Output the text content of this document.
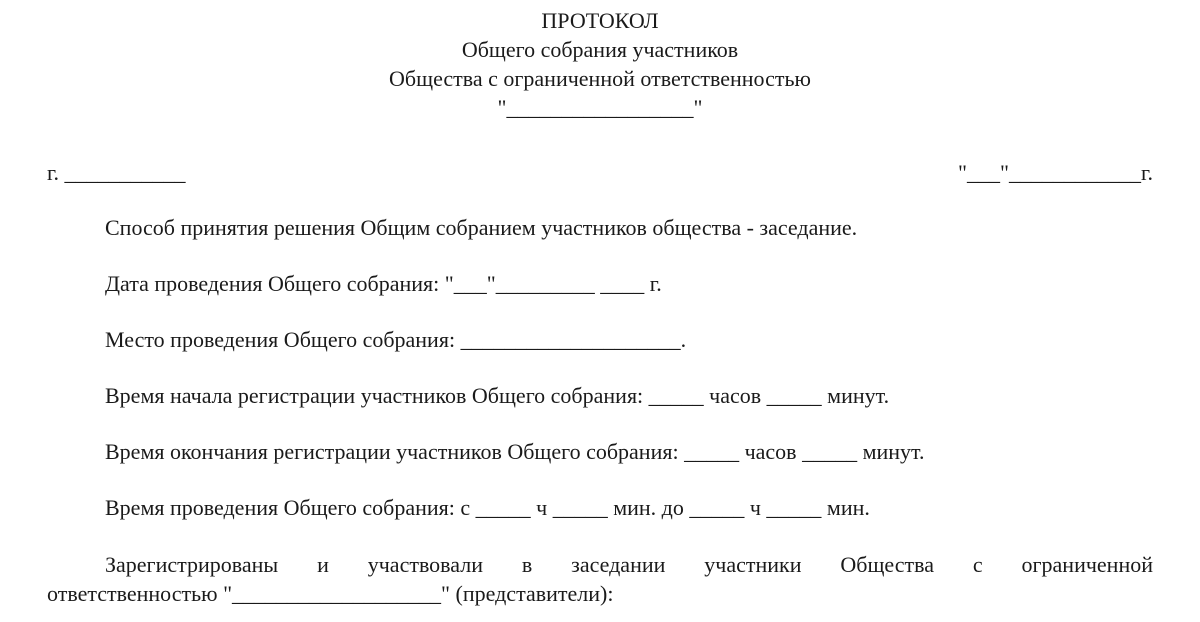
ПРОТОКОЛ
Общего собрания участников
Общества с ограниченной ответственностью
"_________________"
г. ___________	"___"____________г.
Способ принятия решения Общим собранием участников общества - заседание.
Дата проведения Общего собрания: "___"_________ ____ г.
Место проведения Общего собрания: ____________________.
Время начала регистрации участников Общего собрания: _____ часов _____ минут.
Время окончания регистрации участников Общего собрания: _____ часов _____ минут.
Время проведения Общего собрания: с _____ ч _____ мин. до _____ ч _____ мин.
Зарегистрированы и участвовали в заседании участники Общества с ограниченной
ответственностью "___________________" (представители):
